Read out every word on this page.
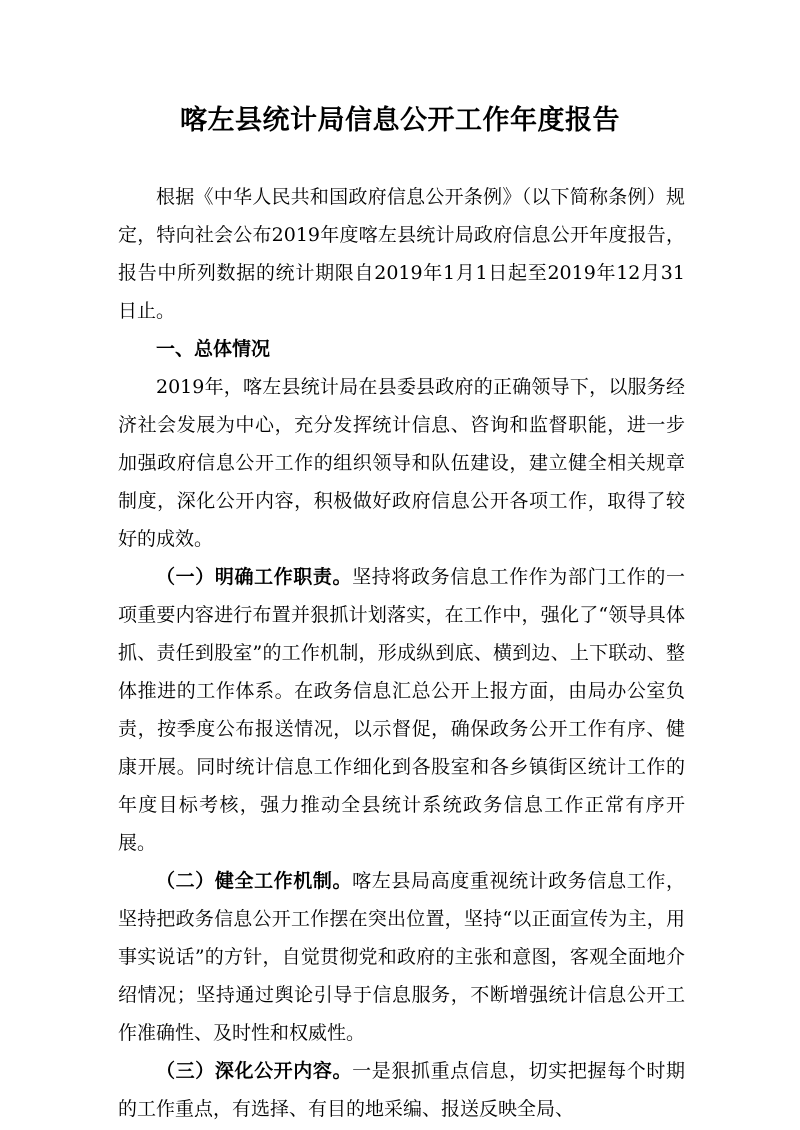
喀左县统计局信息公开工作年度报告

根据《中华人民共和国政府信息公开条例》（以下简称条例）规定，特向社会公布2019年度喀左县统计局政府信息公开年度报告，报告中所列数据的统计期限自2019年1月1日起至2019年12月31日止。

一、总体情况

2019年，喀左县统计局在县委县政府的正确领导下，以服务经济社会发展为中心，充分发挥统计信息、咨询和监督职能，进一步加强政府信息公开工作的组织领导和队伍建设，建立健全相关规章制度，深化公开内容，积极做好政府信息公开各项工作，取得了较好的成效。

（一）明确工作职责。坚持将政务信息工作作为部门工作的一项重要内容进行布置并狠抓计划落实，在工作中，强化了“领导具体抓、责任到股室”的工作机制，形成纵到底、横到边、上下联动、整体推进的工作体系。在政务信息汇总公开上报方面，由局办公室负责，按季度公布报送情况，以示督促，确保政务公开工作有序、健康开展。同时统计信息工作细化到各股室和各乡镇街区统计工作的年度目标考核，强力推动全县统计系统政务信息工作正常有序开展。

（二）健全工作机制。喀左县局高度重视统计政务信息工作，坚持把政务信息公开工作摆在突出位置，坚持“以正面宣传为主，用事实说话”的方针，自觉贯彻党和政府的主张和意图，客观全面地介绍情况；坚持通过舆论引导于信息服务，不断增强统计信息公开工作准确性、及时性和权威性。

（三）深化公开内容。一是狠抓重点信息，切实把握每个时期的工作重点，有选择、有目的地采编、报送反映全局、
